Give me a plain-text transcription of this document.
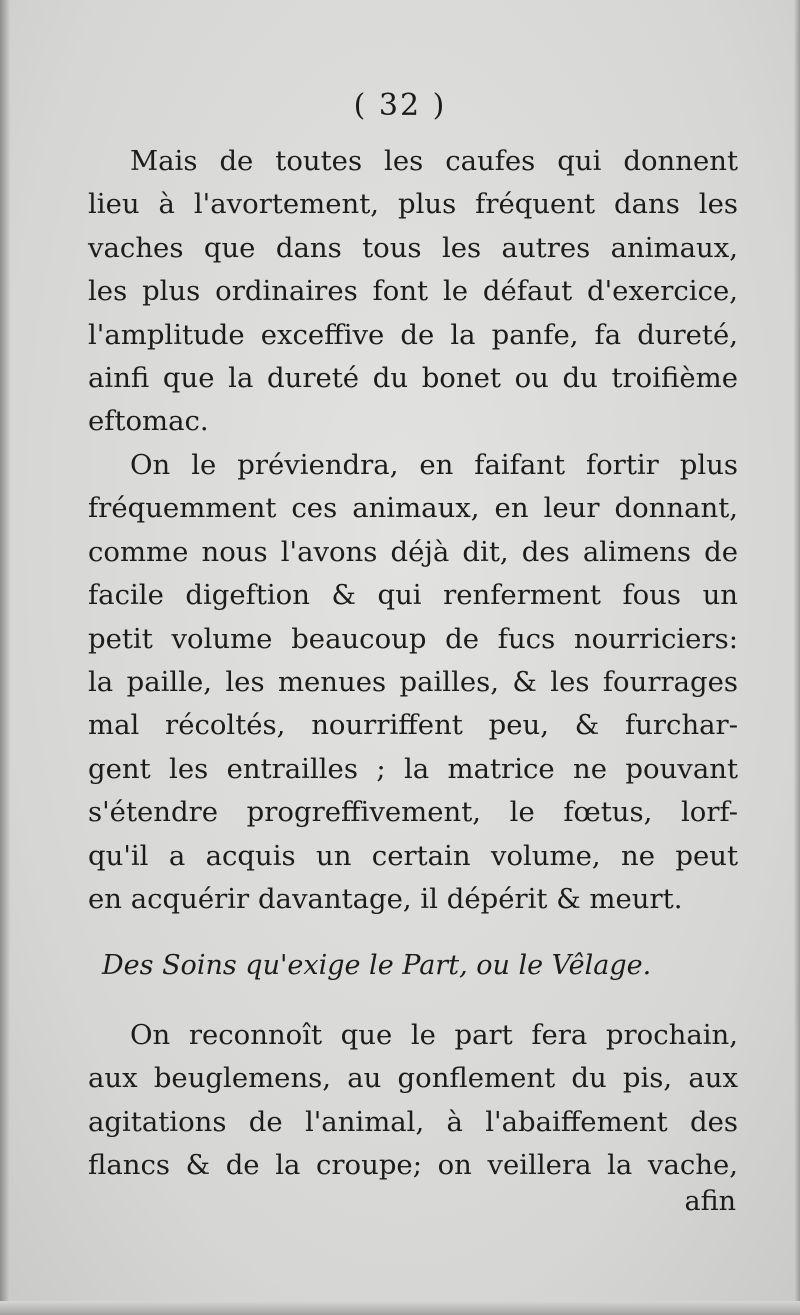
( 32 )
Mais de toutes les caufes qui donnent
lieu à l'avortement, plus fréquent dans les
vaches que dans tous les autres animaux,
les plus ordinaires font le défaut d'exercice,
l'amplitude exceffive de la panfe, fa dureté,
ainfi que la dureté du bonet ou du troifième
eftomac.
On le préviendra, en faifant fortir plus
fréquemment ces animaux, en leur donnant,
comme nous l'avons déjà dit, des alimens de
facile digeftion & qui renferment fous un
petit volume beaucoup de fucs nourriciers:
la paille, les menues pailles, & les fourrages
mal récoltés, nourriffent peu, & furchar-
gent les entrailles ; la matrice ne pouvant
s'étendre progreffivement, le fœtus, lorf-
qu'il a acquis un certain volume, ne peut
en acquérir davantage, il dépérit & meurt.
Des Soins qu'exige le Part, ou le Vêlage.
On reconnoît que le part fera prochain,
aux beuglemens, au gonflement du pis, aux
agitations de l'animal, à l'abaiffement des
flancs & de la croupe; on veillera la vache,
afin
